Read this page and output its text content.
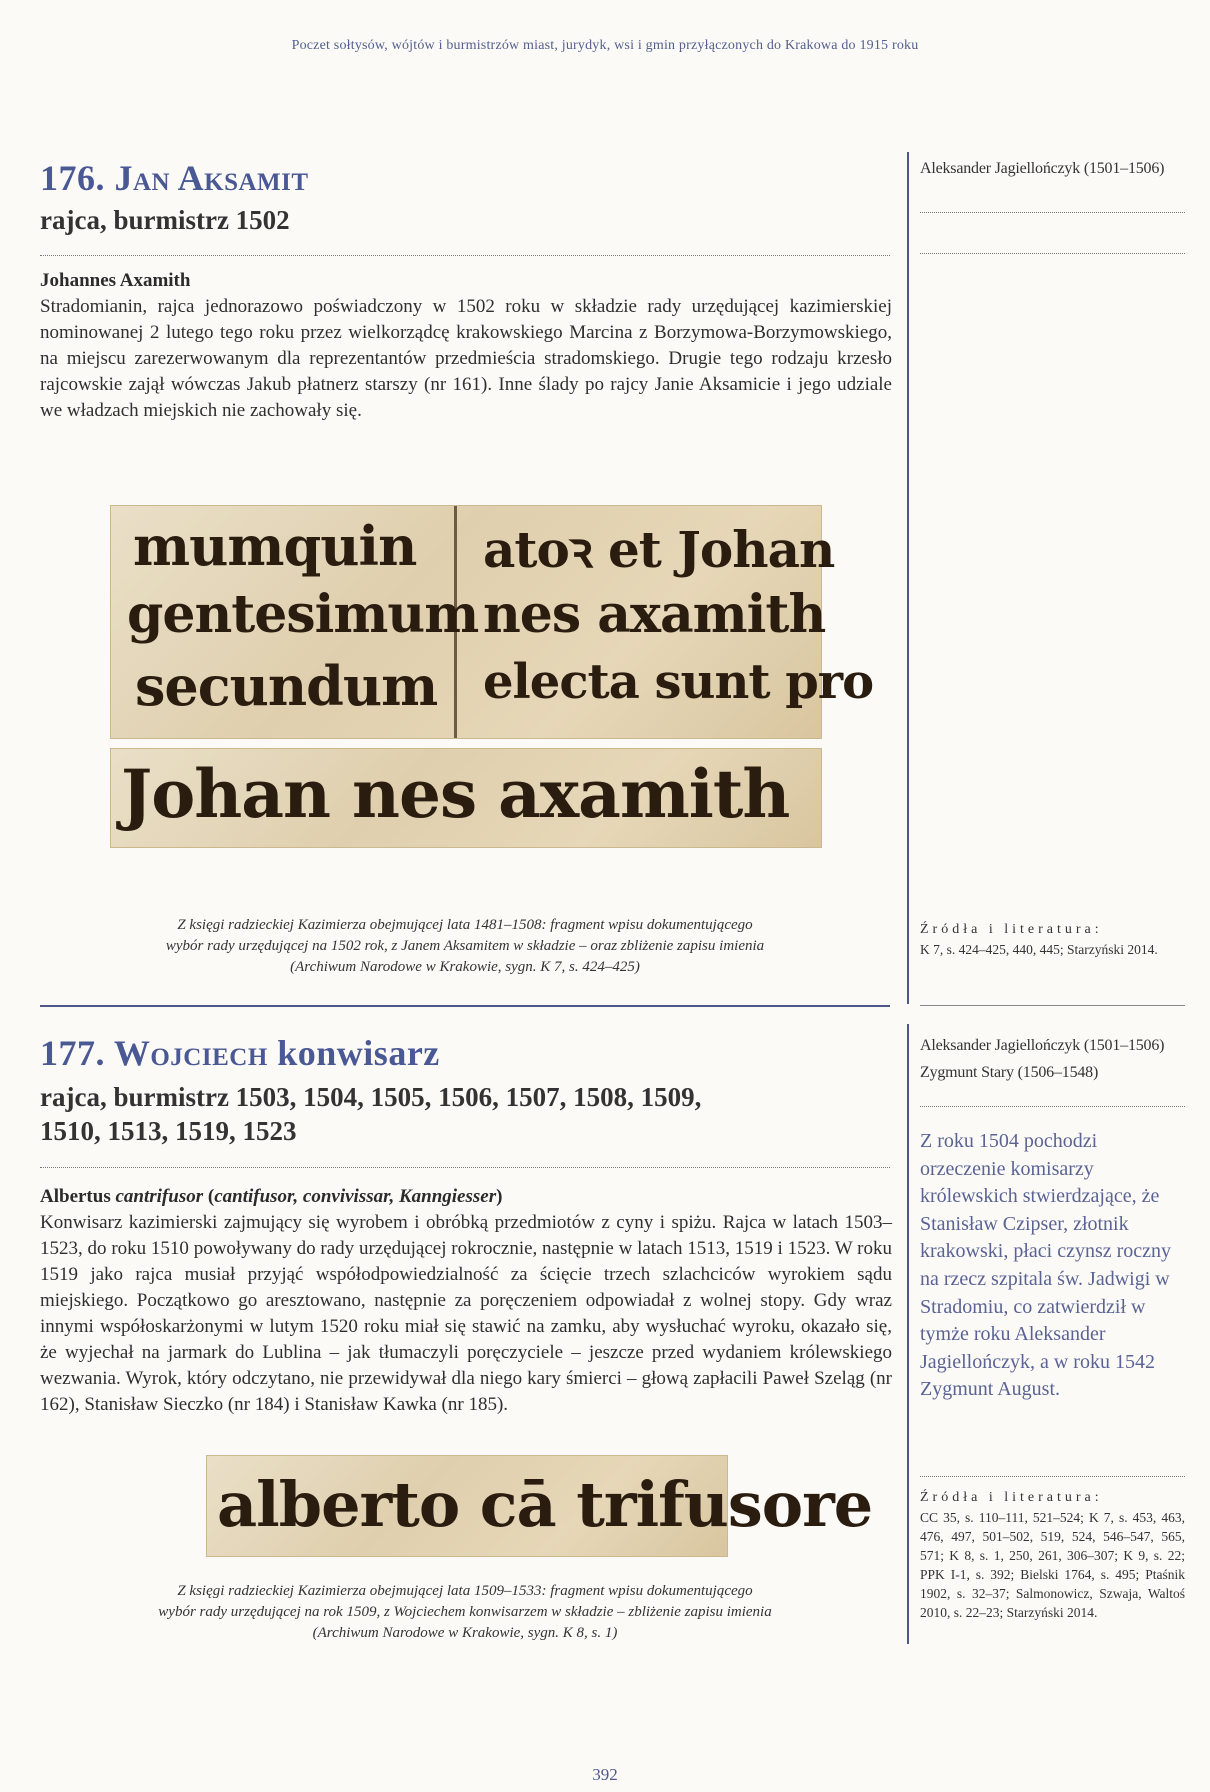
Poczet sołtysów, wójtów i burmistrzów miast, jurydyk, wsi i gmin przyłączonych do Krakowa do 1915 roku
176. Jan Aksamit

rajca, burmistrz 1502

Johannes Axamith

Stradomianin, rajca jednorazowo poświadczony w 1502 roku w składzie rady urzędującej kazimierskiej nominowanej 2 lutego tego roku przez wielkorządcę krakowskiego Marcina z Borzymowa-Borzymowskiego, na miejscu zarezerwowanym dla reprezentantów przedmieścia stradomskiego. Drugie tego rodzaju krzesło rajcowskie zajął wówczas Jakub płatnerz starszy (nr 161). Inne ślady po rajcy Janie Aksamicie i jego udziale we władzach miejskich nie zachowały się.

mumquin
gentesimum
secundum
atoꝛ et Johan
nes axamith
electa sunt pro
Johan nes axamith
Z księgi radzieckiej Kazimierza obejmującej lata 1481–1508: fragment wpisu dokumentującego
wybór rady urzędującej na 1502 rok, z Janem Aksamitem w składzie – oraz zbliżenie zapisu imienia
(Archiwum Narodowe w Krakowie, sygn. K 7, s. 424–425)

Aleksander Jagiellończyk (1501–1506)

Źródła i literatura:

K 7, s. 424–425, 440, 445; Starzyński 2014.

177. Wojciech konwisarz

rajca, burmistrz 1503, 1504, 1505, 1506, 1507, 1508, 1509,
1510, 1513, 1519, 1523

Albertus cantrifusor (cantifusor, convivissar, Kanngiesser)

Konwisarz kazimierski zajmujący się wyrobem i obróbką przedmiotów z cyny i spiżu. Rajca w latach 1503–1523, do roku 1510 powoływany do rady urzędującej rokrocznie, następnie w latach 1513, 1519 i 1523. W roku 1519 jako rajca musiał przyjąć współodpowiedzialność za ścięcie trzech szlachciców wyrokiem sądu miejskiego. Początkowo go aresztowano, następnie za poręczeniem odpowiadał z wolnej stopy. Gdy wraz innymi współoskarżonymi w lutym 1520 roku miał się stawić na zamku, aby wysłuchać wyroku, okazało się, że wyjechał na jarmark do Lublina – jak tłumaczyli poręczyciele – jeszcze przed wydaniem królewskiego wezwania. Wyrok, który odczytano, nie przewidywał dla niego kary śmierci – głową zapłacili Paweł Szeląg (nr 162), Stanisław Sieczko (nr 184) i Stanisław Kawka (nr 185).

alberto cā trifusore
Z księgi radzieckiej Kazimierza obejmującej lata 1509–1533: fragment wpisu dokumentującego
wybór rady urzędującej na rok 1509, z Wojciechem konwisarzem w składzie – zbliżenie zapisu imienia
(Archiwum Narodowe w Krakowie, sygn. K 8, s. 1)

Aleksander Jagiellończyk (1501–1506)

Zygmunt Stary (1506–1548)

Z roku 1504 pochodzi orzeczenie komisarzy królewskich stwierdzające, że Stanisław Czipser, złotnik krakowski, płaci czynsz roczny na rzecz szpitala św. Jadwigi w Stradomiu, co zatwierdził w tymże roku Aleksander Jagiellończyk, a w roku 1542 Zygmunt August.

Źródła i literatura:

CC 35, s. 110–111, 521–524; K 7, s. 453, 463, 476, 497, 501–502, 519, 524, 546–547, 565, 571; K 8, s. 1, 250, 261, 306–307; K 9, s. 22; PPK I-1, s. 392; Bielski 1764, s. 495; Ptaśnik 1902, s. 32–37; Salmonowicz, Szwaja, Waltoś 2010, s. 22–23; Starzyński 2014.

392
